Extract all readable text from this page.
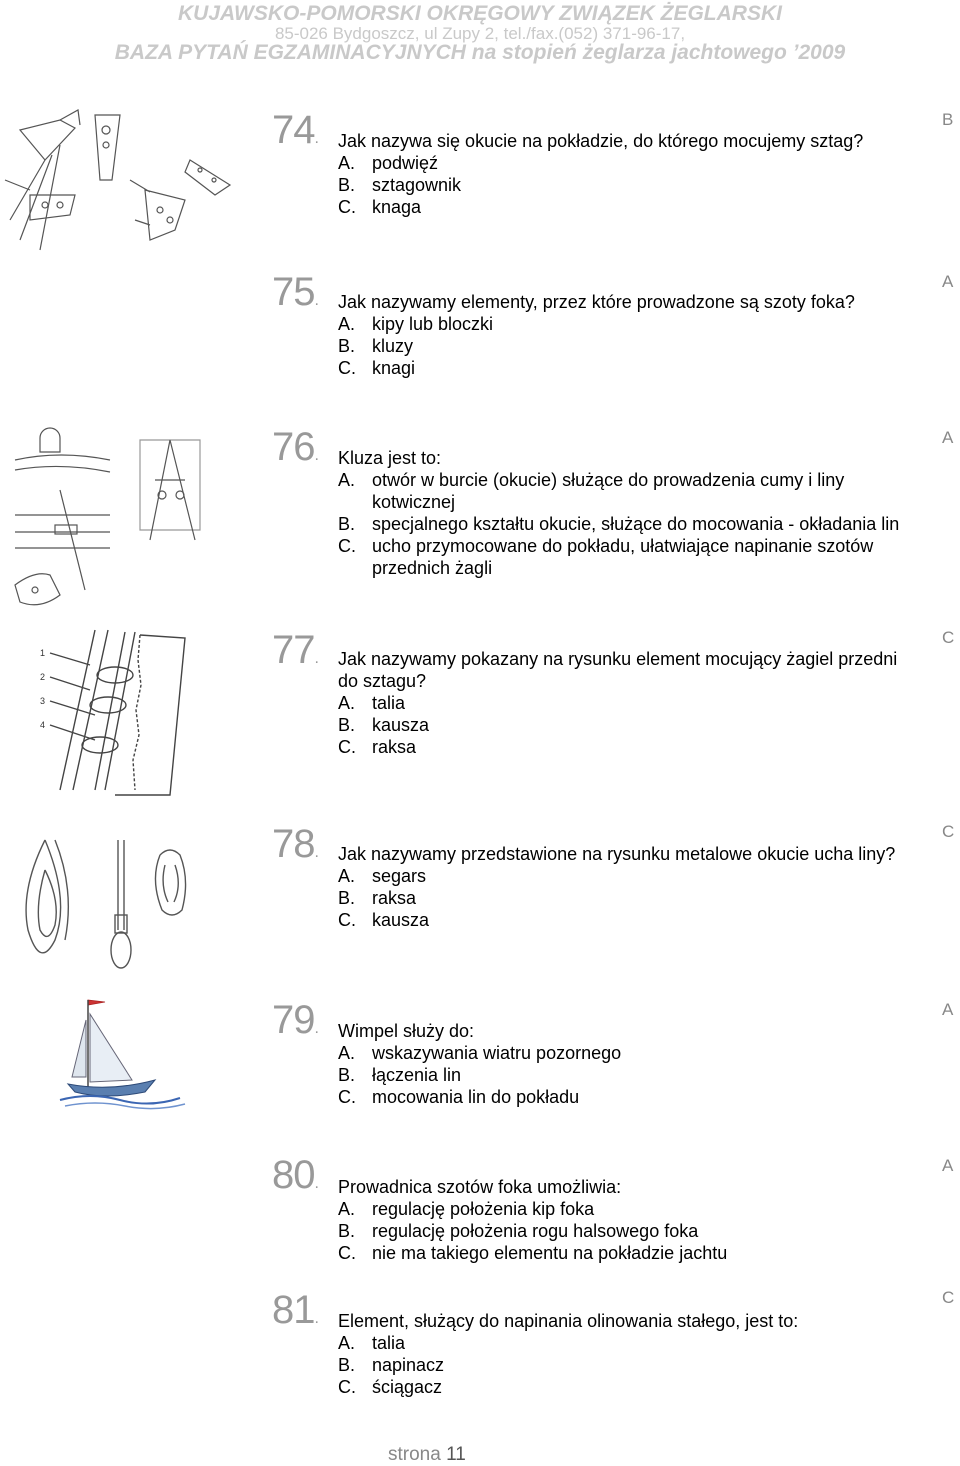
KUJAWSKO-POMORSKI OKRĘGOWY ZWIĄZEK ŻEGLARSKI
85-026 Bydgoszcz, ul Zupy 2, tel./fax.(052) 371-96-17,
BAZA PYTAŃ EGZAMINACYJNYCH na stopień żeglarza jachtowego ’2009
74. Jak nazywa się okucie na pokładzie, do którego mocujemy sztag?
A. podwięź
B. sztagownik
C. knaga
B
75. Jak nazywamy elementy, przez które prowadzone są szoty foka?
A. kipy lub bloczki
B. kluzy
C. knagi
A
76. Kluza jest to:
A. otwór w burcie (okucie) służące do prowadzenia cumy i liny kotwicznej
B. specjalnego kształtu okucie, służące do mocowania - okładania lin
C. ucho przymocowane do pokładu, ułatwiające napinanie szotów przednich żagli
A
77. Jak nazywamy pokazany na rysunku element mocujący żagiel przedni do sztagu?
A. talia
B. kausza
C. raksa
C
78. Jak nazywamy przedstawione na rysunku metalowe okucie ucha liny?
A. segars
B. raksa
C. kausza
C
79. Wimpel służy do:
A. wskazywania wiatru pozornego
B. łączenia lin
C. mocowania lin do pokładu
A
80. Prowadnica szotów foka umożliwia:
A. regulację położenia kip foka
B. regulację położenia rogu halsowego foka
C. nie ma takiego elementu na pokładzie jachtu
A
81. Element, służący do napinania olinowania stałego, jest to:
A. talia
B. napinacz
C. ściągacz
C
1
2
3
4
strona 11
